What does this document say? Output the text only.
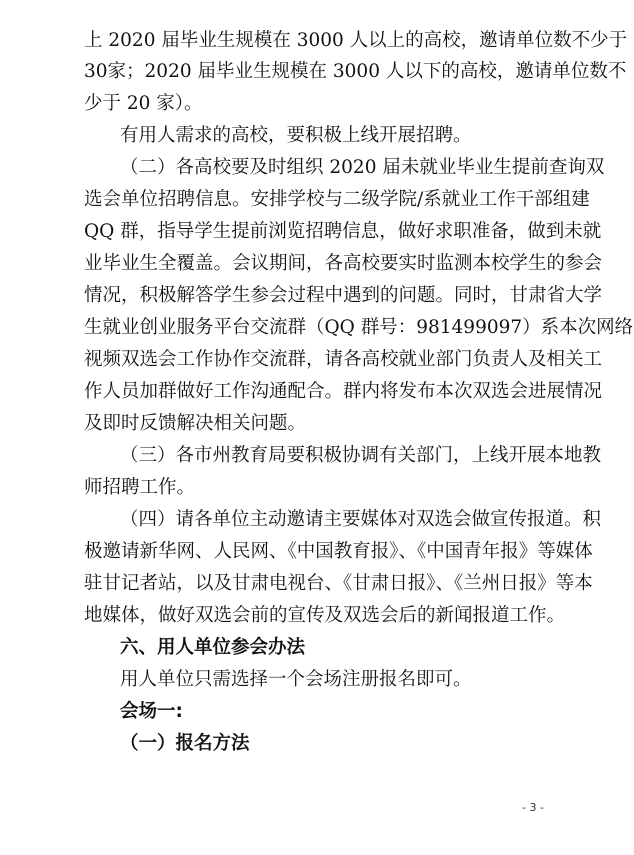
上 2020 届毕业生规模在 3000 人以上的高校，邀请单位数不少于
30家；2020 届毕业生规模在 3000 人以下的高校，邀请单位数不
少于 20 家）。
有用人需求的高校，要积极上线开展招聘。
（二）各高校要及时组织 2020 届未就业毕业生提前查询双
选会单位招聘信息。安排学校与二级学院/系就业工作干部组建
QQ 群，指导学生提前浏览招聘信息，做好求职准备，做到未就
业毕业生全覆盖。会议期间，各高校要实时监测本校学生的参会
情况，积极解答学生参会过程中遇到的问题。同时，甘肃省大学
生就业创业服务平台交流群（QQ 群号：981499097）系本次网络
视频双选会工作协作交流群，请各高校就业部门负责人及相关工
作人员加群做好工作沟通配合。群内将发布本次双选会进展情况
及即时反馈解决相关问题。
（三）各市州教育局要积极协调有关部门，上线开展本地教
师招聘工作。
（四）请各单位主动邀请主要媒体对双选会做宣传报道。积
极邀请新华网、人民网、《中国教育报》、《中国青年报》等媒体
驻甘记者站，以及甘肃电视台、《甘肃日报》、《兰州日报》等本
地媒体，做好双选会前的宣传及双选会后的新闻报道工作。
六、用人单位参会办法
用人单位只需选择一个会场注册报名即可。
会场一:
（一）报名方法
- 3 -
